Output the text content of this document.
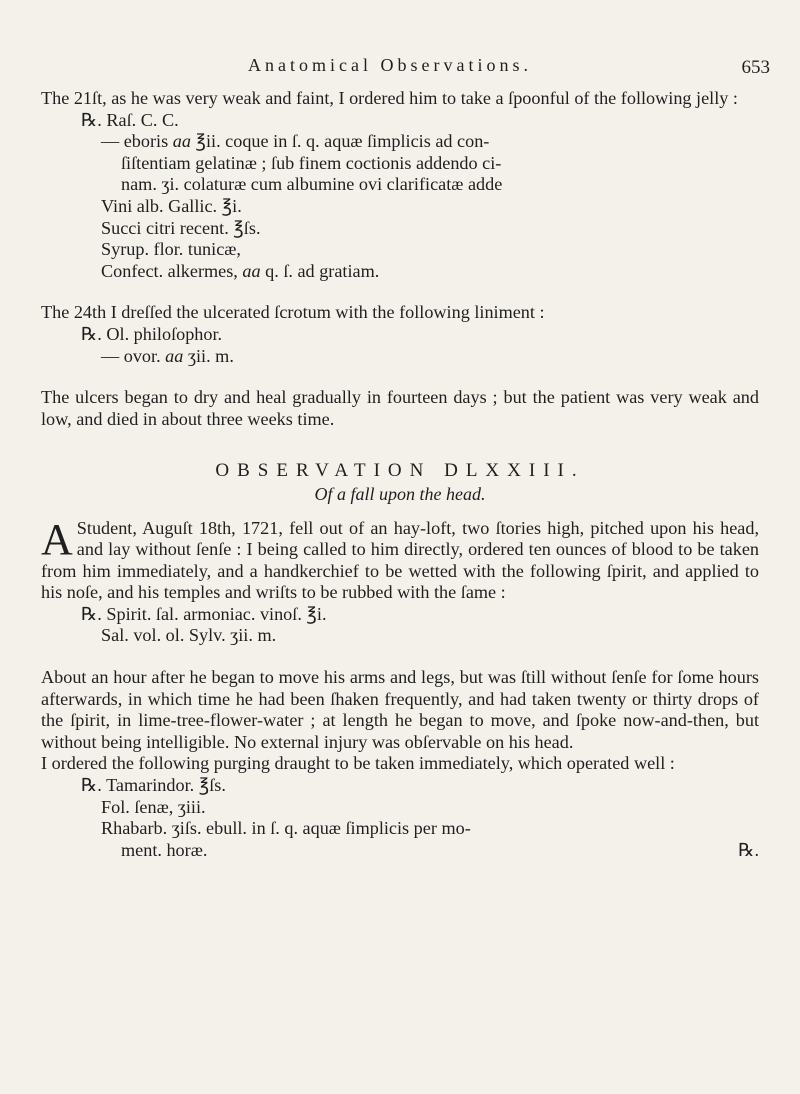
Anatomical Observations.	653

The 21ſt, as he was very weak and faint, I ordered him to take a ſpoonful of the following jelly :

℞. Raſ. C. C.

— eboris aa ℥ii. coque in ſ. q. aquæ ſimplicis ad con-

ſiſtentiam gelatinæ ; ſub finem coctionis addendo ci-

nam. ʒi. colaturæ cum albumine ovi clarificatæ adde

Vini alb. Gallic. ℥i.

Succi citri recent. ℥ſs.

Syrup. flor. tunicæ,

Confect. alkermes, aa q. ſ. ad gratiam.

The 24th I dreſſed the ulcerated ſcrotum with the following liniment :

℞. Ol. philoſophor.

— ovor. aa ʒii. m.

The ulcers began to dry and heal gradually in fourteen days ; but the patient was very weak and low, and died in about three weeks time.

OBSERVATION DLXXIII.
Of a fall upon the head.

A Student, Auguſt 18th, 1721, fell out of an hay-loft, two ſtories high, pitched upon his head, and lay without ſenſe : I being called to him directly, ordered ten ounces of blood to be taken from him immediately, and a handkerchief to be wetted with the following ſpirit, and applied to his noſe, and his temples and wriſts to be rubbed with the ſame :

℞. Spirit. ſal. armoniac. vinoſ. ℥i.

Sal. vol. ol. Sylv. ʒii. m.

About an hour after he began to move his arms and legs, but was ſtill without ſenſe for ſome hours afterwards, in which time he had been ſhaken frequently, and had taken twenty or thirty drops of the ſpirit, in lime-tree-flower-water ; at length he began to move, and ſpoke now-and-then, but without being intelligible. No external injury was obſervable on his head.

I ordered the following purging draught to be taken immediately, which operated well :

℞. Tamarindor. ℥ſs.

Fol. ſenæ, ʒiii.

Rhabarb. ʒiſs. ebull. in ſ. q. aquæ ſimplicis per mo-

ment. horæ.	℞.
